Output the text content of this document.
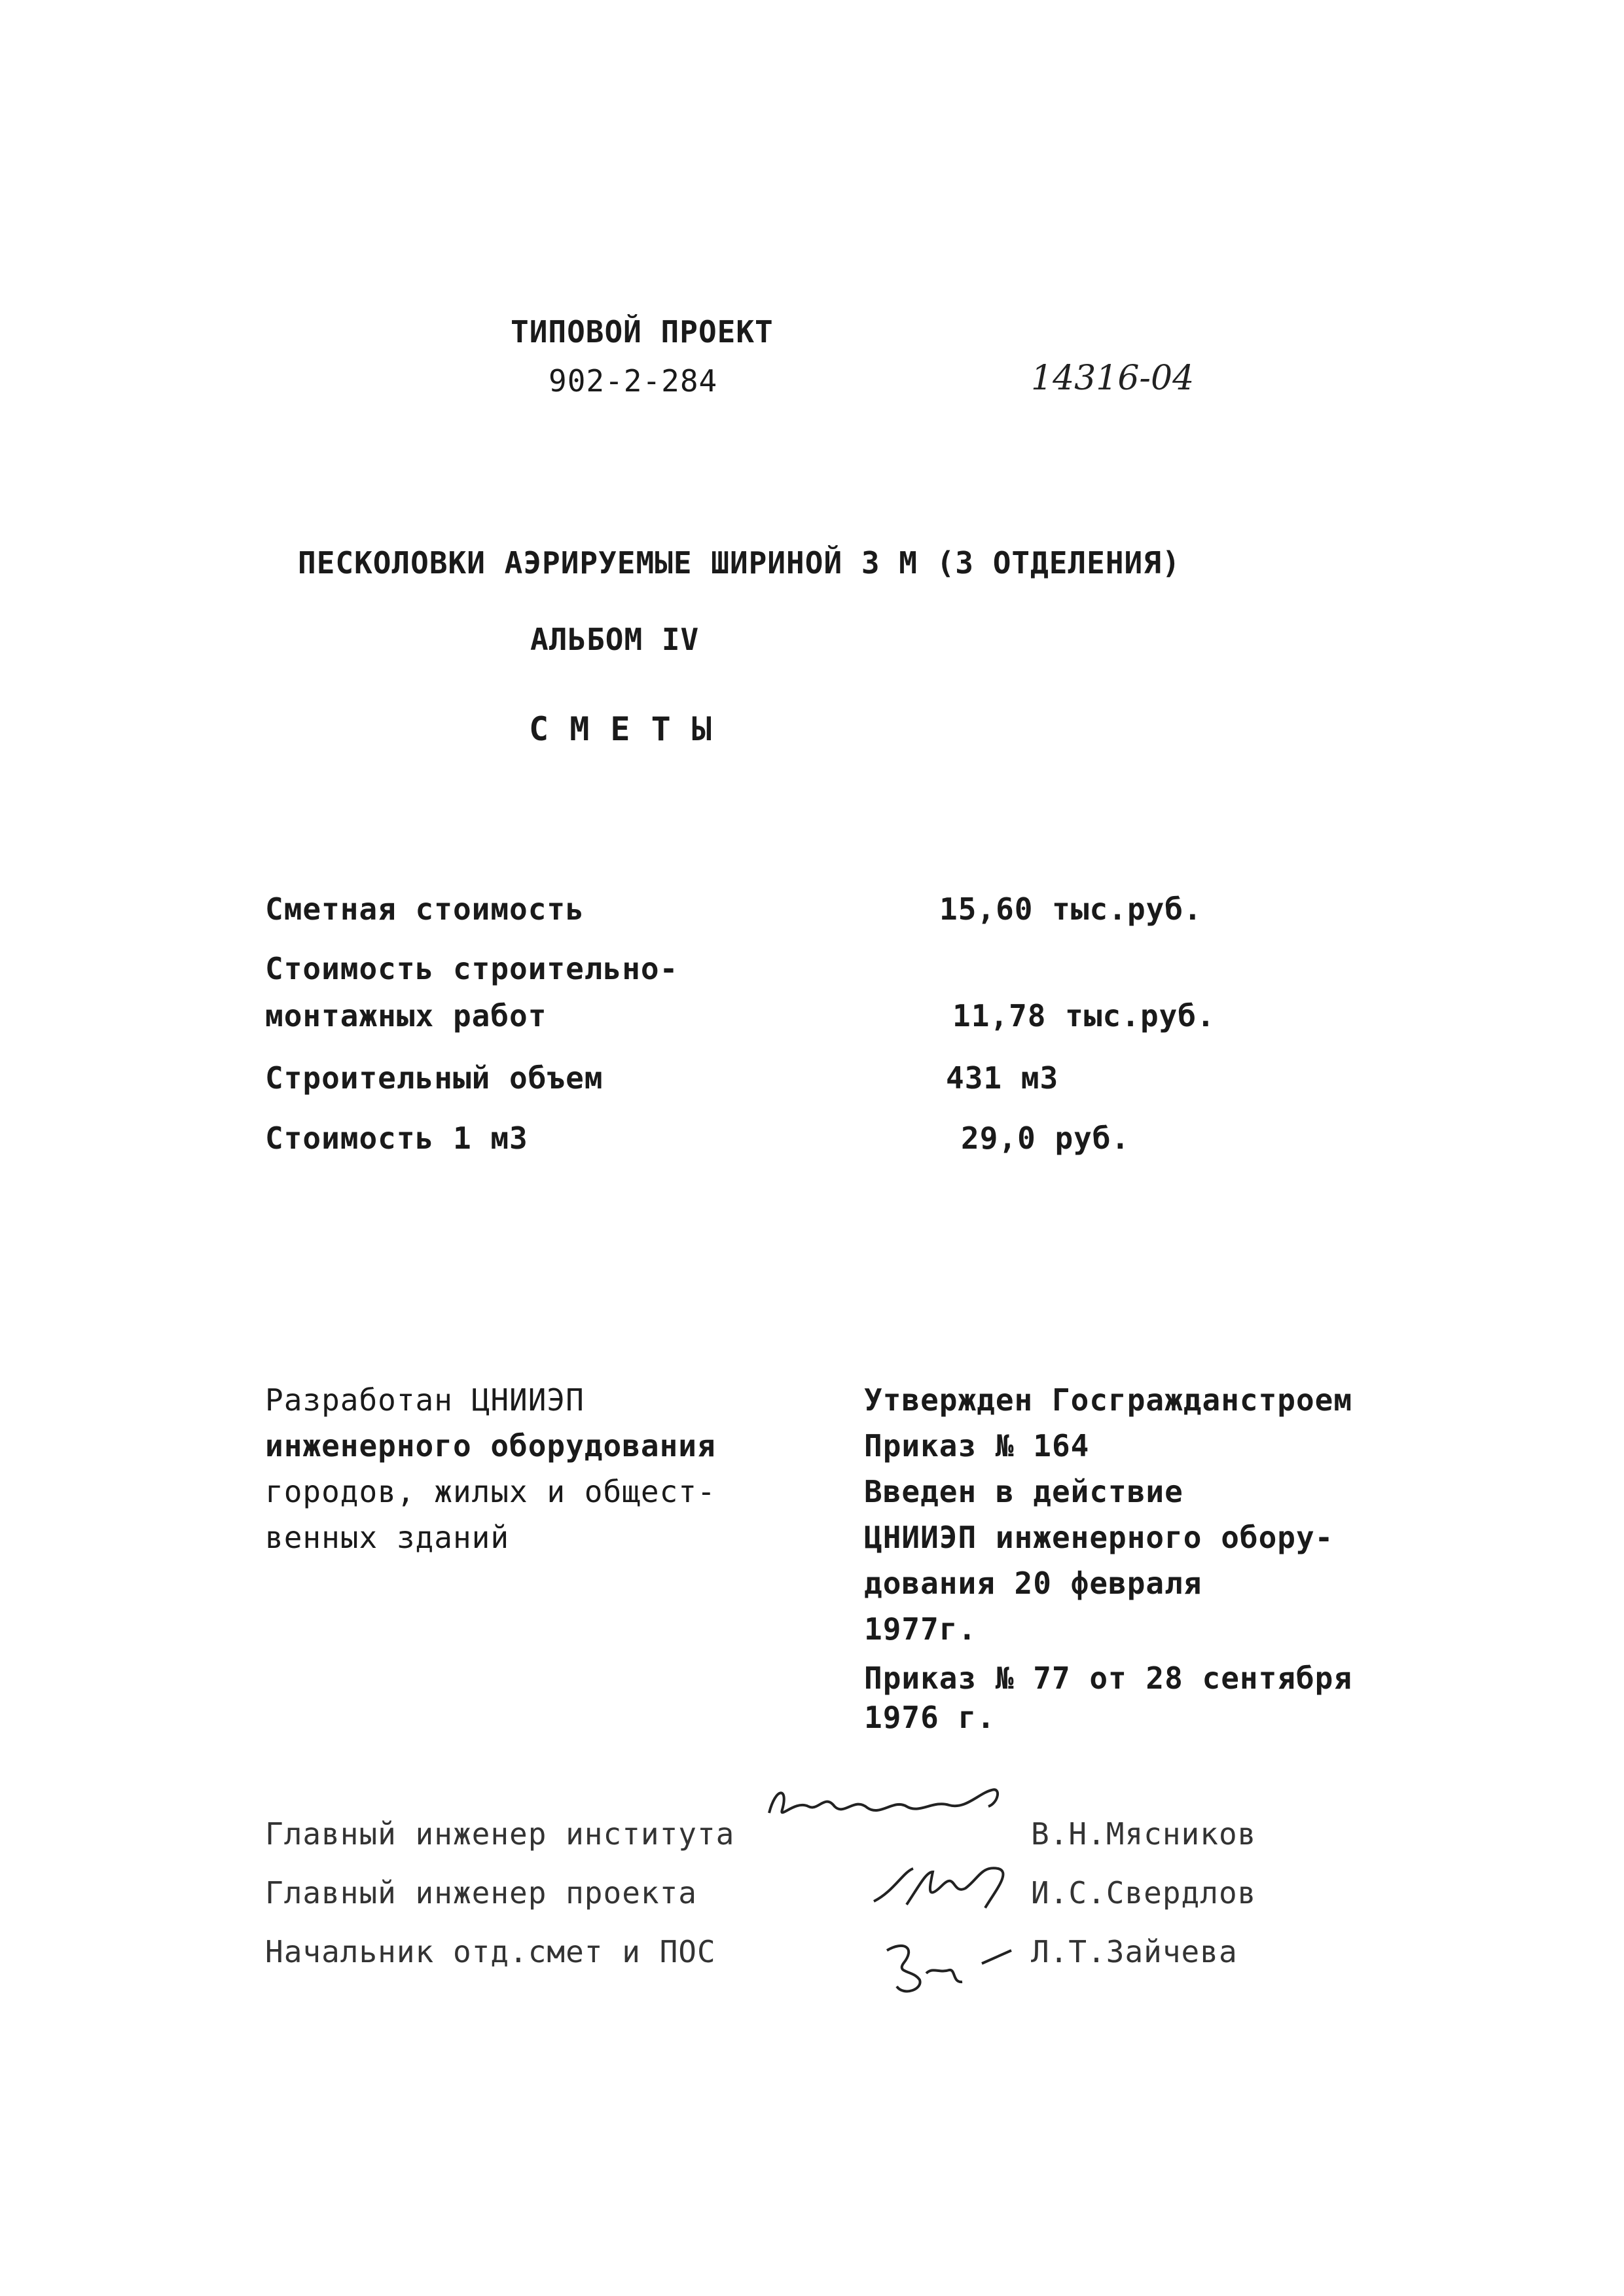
ТИПОВОЙ ПРОЕКТ
902-2-284	14316-04
ПЕСКОЛОВКИ АЭРИРУЕМЫЕ ШИРИНОЙ 3 М (3 ОТДЕЛЕНИЯ)
АЛЬБОМ IV
С М Е Т Ы
Сметная стоимость	15,60 тыс.руб.
Стоимость строительно-
монтажных работ	11,78 тыс.руб.
Строительный объем	431 м3
Стоимость 1 м3	29,0 руб.
Разработан ЦНИИЭП
инженерного оборудования
городов, жилых и общест-
венных зданий
Утвержден Госгражданстроем
Приказ № 164
Введен в действие
ЦНИИЭП инженерного обору-
дования 20 февраля
1977г.
Приказ № 77 от 28 сентября
1976 г.
Главный инженер института	В.Н.Мясников
Главный инженер проекта	И.С.Свердлов
Начальник отд.смет и ПОС	Л.Т.Зайчева
